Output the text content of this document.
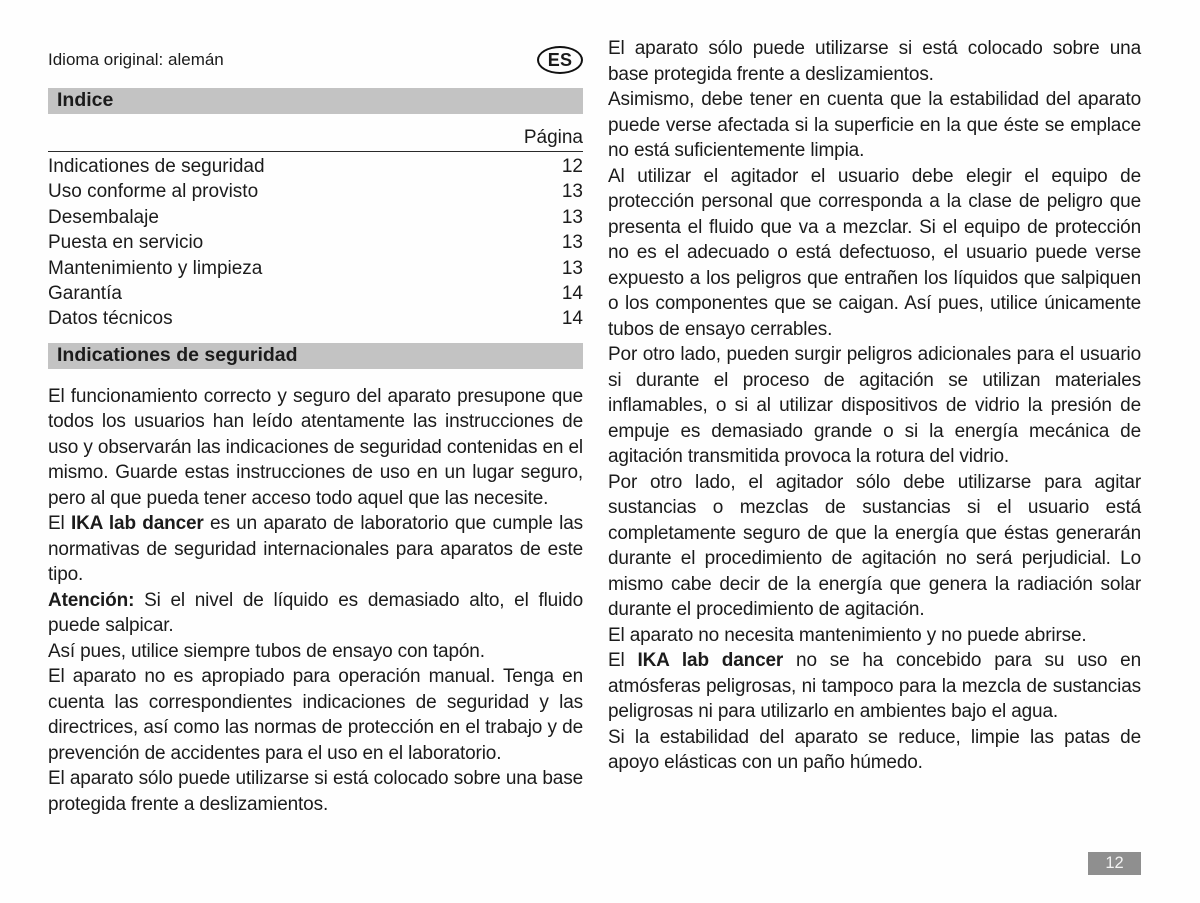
Idioma original: alemán	ES
Indice
Página
Indicationes de seguridad	12
Uso conforme al provisto	13
Desembalaje	13
Puesta en servicio	13
Mantenimiento y limpieza	13
Garantía	14
Datos técnicos	14
Indicationes de seguridad

El funcionamiento correcto y seguro del aparato presupone que todos los usuarios han leído atentamente las instrucciones de uso y observarán las indicaciones de seguridad contenidas en el mismo. Guarde estas instrucciones de uso en un lugar seguro, pero al que pueda tener acceso todo aquel que las necesite.

El IKA lab dancer es un aparato de laboratorio que cumple las normativas de seguridad internacionales para aparatos de este tipo.

Atención: Si el nivel de líquido es demasiado alto, el fluido puede salpicar.

Así pues, utilice siempre tubos de ensayo con tapón.

El aparato no es apropiado para operación manual. Tenga en cuenta las correspondientes indicaciones de seguridad y las directrices, así como las normas de protección en el trabajo y de prevención de accidentes para el uso en el laboratorio.

El aparato sólo puede utilizarse si está colocado sobre una base protegida frente a deslizamientos.

El aparato sólo puede utilizarse si está colocado sobre una base protegida frente a deslizamientos.

Asimismo, debe tener en cuenta que la estabilidad del aparato puede verse afectada si la superficie en la que éste se emplace no está suficientemente limpia.

Al utilizar el agitador el usuario debe elegir el equipo de protección personal que corresponda a la clase de peligro que presenta el fluido que va a mezclar. Si el equipo de protección no es el adecuado o está defectuoso, el usuario puede verse expuesto a los peligros que entrañen los líquidos que salpiquen o los componentes que se caigan. Así pues, utilice únicamente tubos de ensayo cerrables.

Por otro lado, pueden surgir peligros adicionales para el usuario si durante el proceso de agitación se utilizan materiales inflamables, o si al utilizar dispositivos de vidrio la presión de empuje es demasiado grande o si la energía mecánica de agitación transmitida provoca la rotura del vidrio.

Por otro lado, el agitador sólo debe utilizarse para agitar sustancias o mezclas de sustancias si el usuario está completamente seguro de que la energía que éstas generarán durante el procedimiento de agitación no será perjudicial. Lo mismo cabe decir de la energía que genera la radiación solar durante el procedimiento de agitación.

El aparato no necesita mantenimiento y no puede abrirse.

El IKA lab dancer no se ha concebido para su uso en atmósferas peligrosas, ni tampoco para la mezcla de sustancias peligrosas ni para utilizarlo en ambientes bajo el agua.

Si la estabilidad del aparato se reduce, limpie las patas de apoyo elásticas con un paño húmedo.

12
